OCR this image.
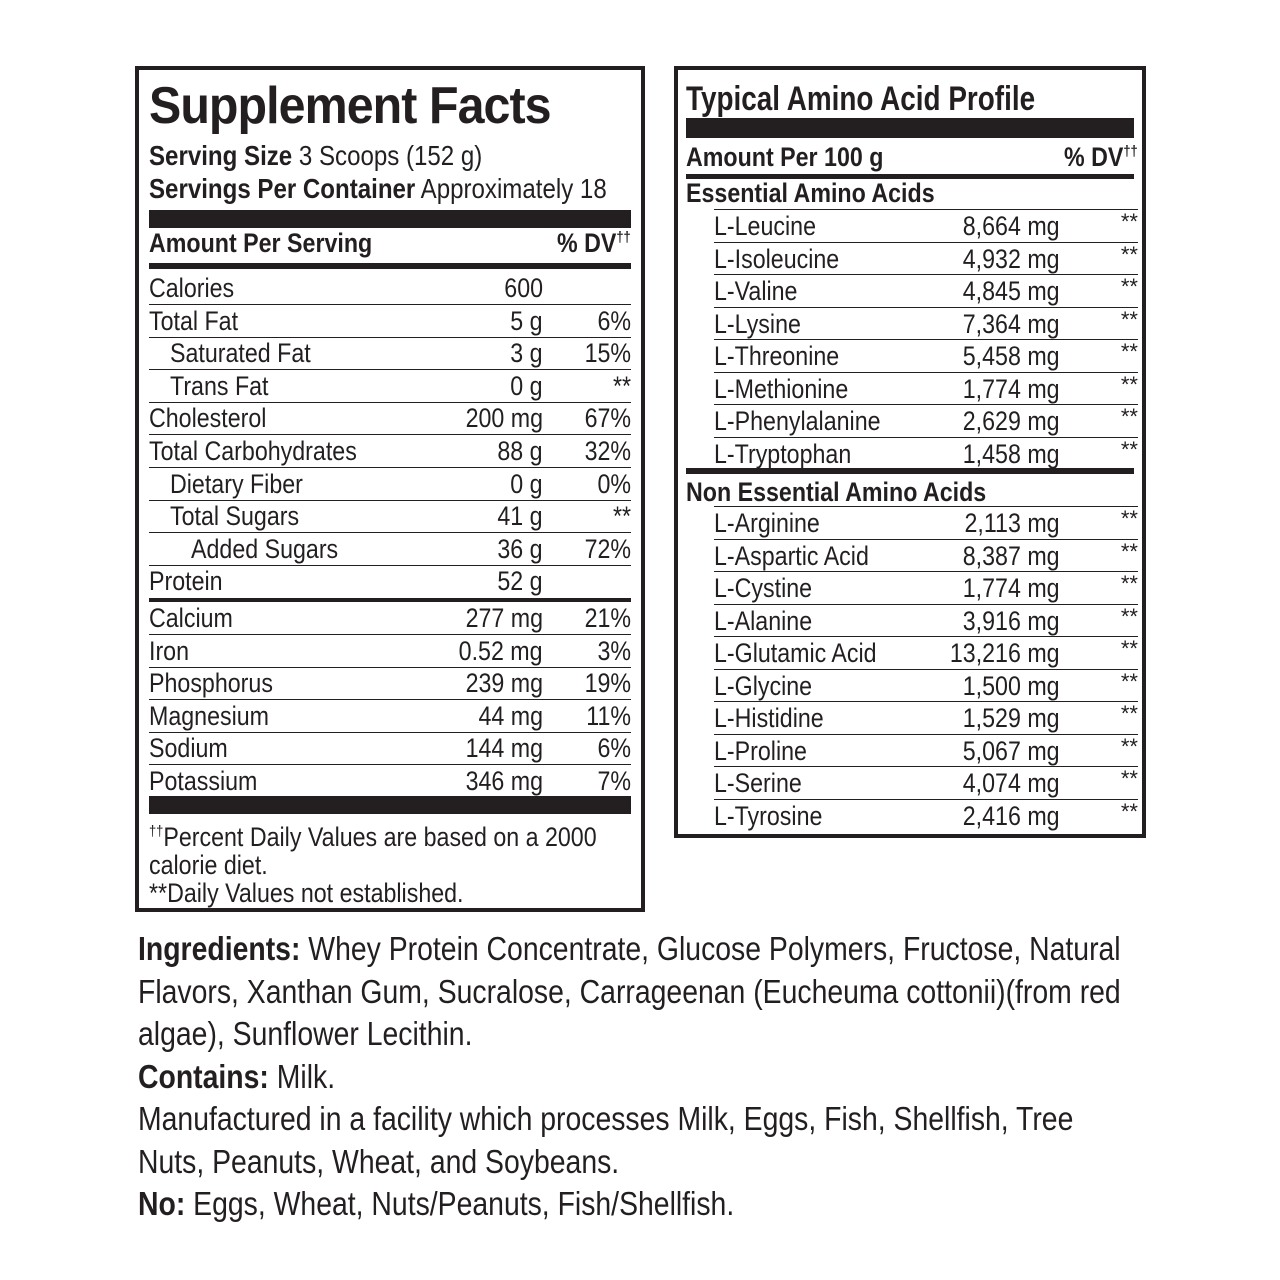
Supplement Facts
Serving Size 3 Scoops (152 g)
Servings Per Container Approximately 18
Amount Per Serving	% DV††
Calories	600
Total Fat	5 g 6%
Saturated Fat	3 g 15%
Trans Fat	0 g	**
Cholesterol	200 mg 67%
Total Carbohydrates	88 g 32%
Dietary Fiber	0 g 0%
Total Sugars	41 g	**
Added Sugars	36 g 72%
Protein	52 g
Calcium	277 mg 21%
Iron	0.52 mg 3%
Phosphorus	239 mg 19%
Magnesium	44 mg 11%
Sodium	144 mg 6%
Potassium	346 mg 7%
††Percent Daily Values are based on a 2000 calorie diet.
**Daily Values not established.
Typical Amino Acid Profile
Amount Per 100 g	% DV††
Essential Amino Acids
L-Leucine	8,664 mg	**
L-Isoleucine	4,932 mg	**
L-Valine	4,845 mg	**
L-Lysine	7,364 mg	**
L-Threonine	5,458 mg	**
L-Methionine	1,774 mg	**
L-Phenylalanine	2,629 mg	**
L-Tryptophan	1,458 mg	**
Non Essential Amino Acids
L-Arginine	2,113 mg	**
L-Aspartic Acid	8,387 mg	**
L-Cystine	1,774 mg	**
L-Alanine	3,916 mg	**
L-Glutamic Acid	13,216 mg	**
L-Glycine	1,500 mg	**
L-Histidine	1,529 mg	**
L-Proline	5,067 mg	**
L-Serine	4,074 mg	**
L-Tyrosine	2,416 mg	**

Ingredients: Whey Protein Concentrate, Glucose Polymers, Fructose, Natural Flavors, Xanthan Gum, Sucralose, Carrageenan (Eucheuma cottonii)(from red algae), Sunflower Lecithin.

Contains: Milk.

Manufactured in a facility which processes Milk, Eggs, Fish, Shellfish, Tree Nuts, Peanuts, Wheat, and Soybeans.

No: Eggs, Wheat, Nuts/Peanuts, Fish/Shellfish.
